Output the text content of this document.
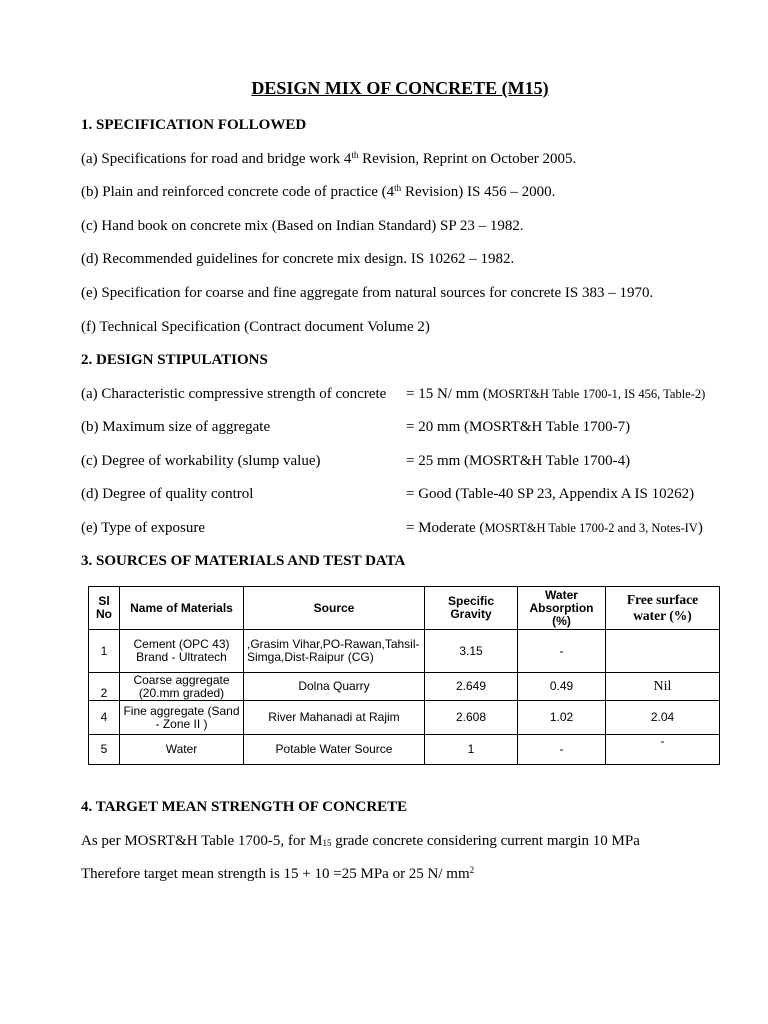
DESIGN MIX OF CONCRETE (M15)
1. SPECIFICATION FOLLOWED
(a) Specifications for road and bridge work 4th Revision, Reprint on October 2005.
(b) Plain and reinforced concrete code of practice (4th Revision) IS 456 – 2000.
(c) Hand book on concrete mix (Based on Indian Standard) SP 23 – 1982.
(d) Recommended guidelines for concrete mix design. IS 10262 – 1982.
(e) Specification for coarse and fine aggregate from natural sources for concrete IS 383 – 1970.
(f) Technical Specification (Contract document Volume 2)
2. DESIGN STIPULATIONS
(a) Characteristic compressive strength of concrete = 15 N/ mm (MOSRT&H Table 1700-1, IS 456, Table-2)
(b) Maximum size of aggregate	= 20 mm (MOSRT&H Table 1700-7)
(c) Degree of workability (slump value)	= 25 mm (MOSRT&H Table 1700-4)
(d) Degree of quality control	= Good (Table-40 SP 23, Appendix A IS 10262)
(e) Type of exposure	= Moderate (MOSRT&H Table 1700-2 and 3, Notes-IV)
3. SOURCES OF MATERIALS AND TEST DATA
Sl No	Name of Materials	Source	Specific Gravity	Water Absorption (%)	Free surface water (%)
1	Cement (OPC 43) Brand - Ultratech	,Grasim Vihar,PO-Rawan,Tahsil-Simga,Dist-Raipur (CG)	3.15	-	
2	Coarse aggregate (20.mm graded)	Dolna Quarry	2.649	0.49	Nil
4	Fine aggregate (Sand - Zone II )	River Mahanadi at Rajim	2.608	1.02	2.04
5	Water	Potable Water Source	1	-	-
4. TARGET MEAN STRENGTH OF CONCRETE
As per MOSRT&H Table 1700-5, for $M_{15}$ grade concrete considering current margin 10 MPa
Therefore target mean strength is 15 + 10 =25 MPa or 25 N/ $mm^2$
